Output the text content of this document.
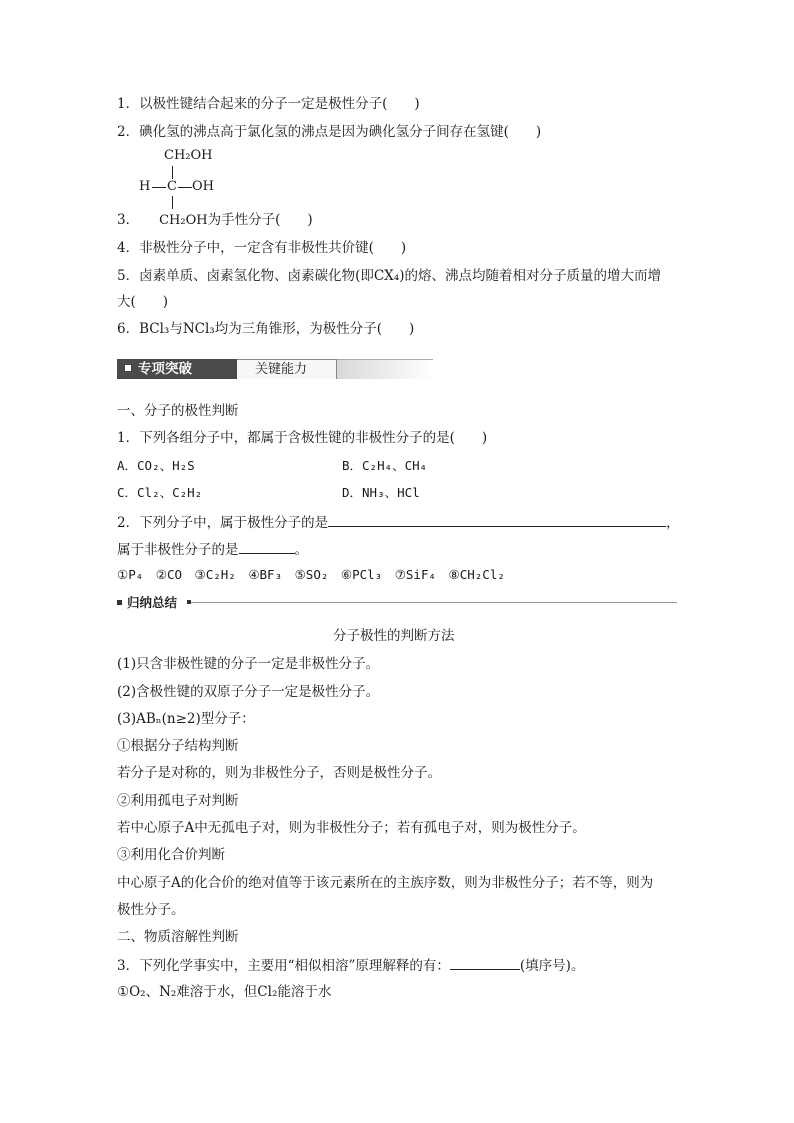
1．以极性键结合起来的分子一定是极性分子(　　)
2．碘化氢的沸点高于氯化氢的沸点是因为碘化氢分子间存在氢键(　　)
CH₂OH
H C OH
3． CH₂OH为手性分子(　　)
4．非极性分子中，一定含有非极性共价键(　　)
5．卤素单质、卤素氢化物、卤素碳化物(即CX₄)的熔、沸点均随着相对分子质量的增大而增
大(　　)
6．BCl₃与NCl₃均为三角锥形，为极性分子(　　)
专项突破	关键能力
一、分子的极性判断
1．下列各组分子中，都属于含极性键的非极性分子的是(　　)
A．CO₂、H₂S	B．C₂H₄、CH₄
C．Cl₂、C₂H₂	D．NH₃、HCl
2．下列分子中，属于极性分子的是	，
属于非极性分子的是	。
①P₄　②CO　③C₂H₂　④BF₃　⑤SO₂　⑥PCl₃　⑦SiF₄　⑧CH₂Cl₂
归纳总结
分子极性的判断方法
(1)只含非极性键的分子一定是非极性分子。
(2)含极性键的双原子分子一定是极性分子。
(3)ABₙ(n≥2)型分子：
①根据分子结构判断
若分子是对称的，则为非极性分子，否则是极性分子。
②利用孤电子对判断
若中心原子A中无孤电子对，则为非极性分子；若有孤电子对，则为极性分子。
③利用化合价判断
中心原子A的化合价的绝对值等于该元素所在的主族序数，则为非极性分子；若不等，则为
极性分子。
二、物质溶解性判断
3．下列化学事实中，主要用“相似相溶”原理解释的有：	(填序号)。
①O₂、N₂难溶于水，但Cl₂能溶于水
